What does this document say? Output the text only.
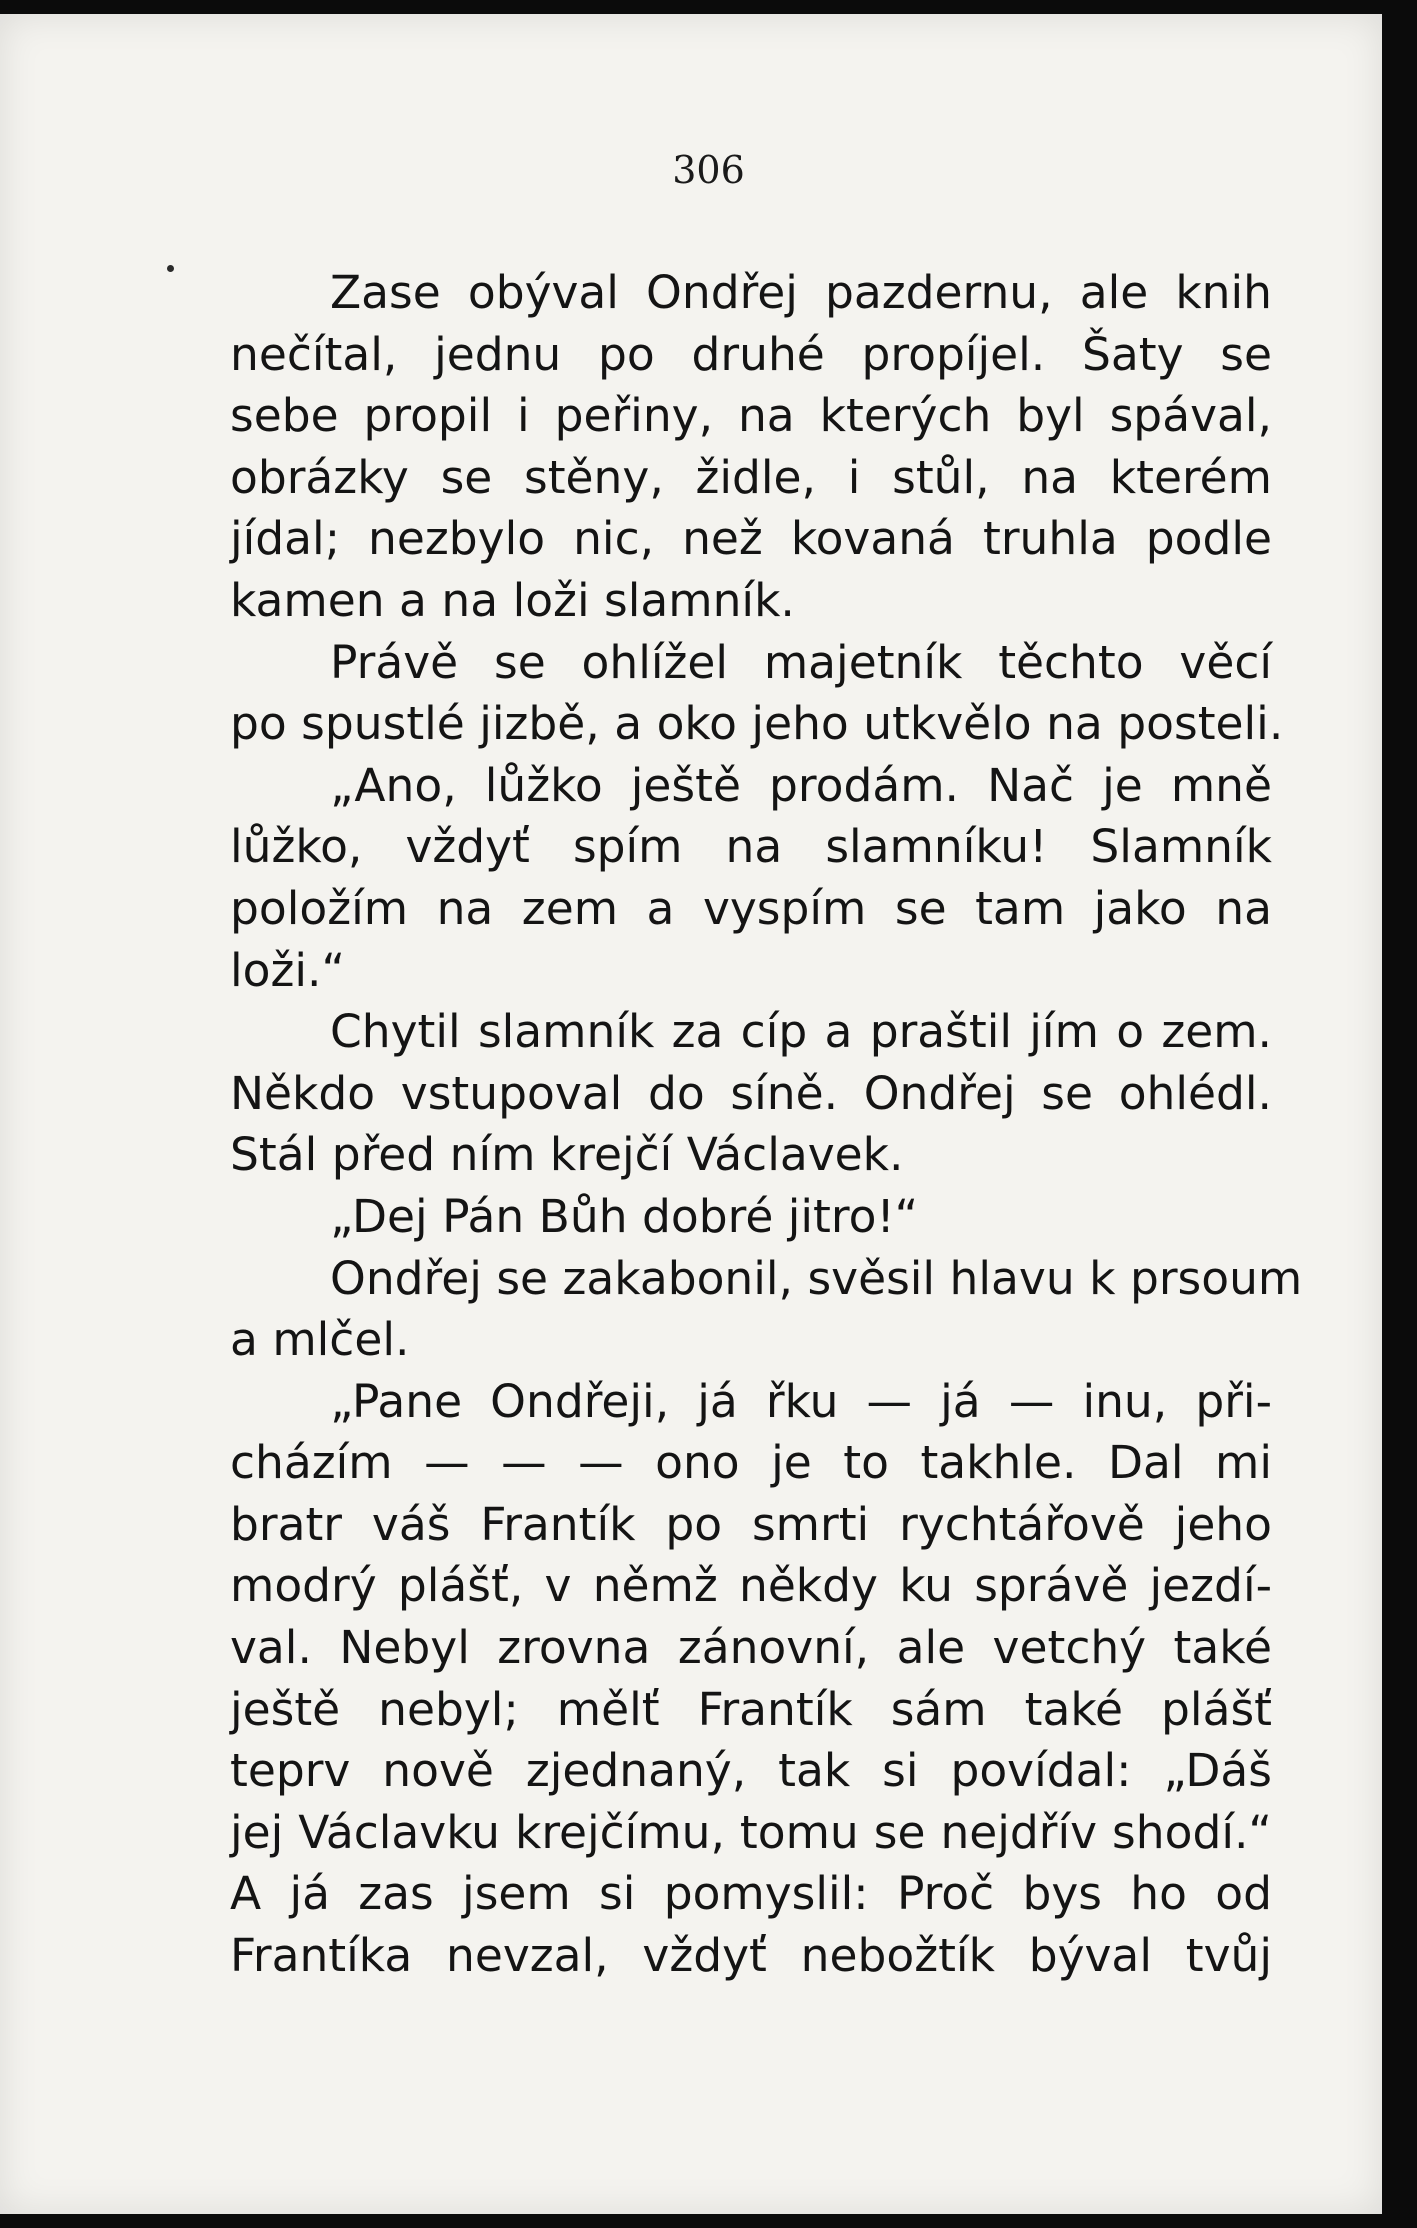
306
Zase obýval Ondřej pazdernu, ale knih
nečítal, jednu po druhé propíjel. Šaty se
sebe propil i peřiny, na kterých byl spával,
obrázky se stěny, židle, i stůl, na kterém
jídal; nezbylo nic, než kovaná truhla podle
kamen a na loži slamník.
Právě se ohlížel majetník těchto věcí
po spustlé jizbě, a oko jeho utkvělo na posteli.
„Ano, lůžko ještě prodám. Nač je mně
lůžko, vždyť spím na slamníku! Slamník
položím na zem a vyspím se tam jako na
loži.“
Chytil slamník za cíp a praštil jím o zem.
Někdo vstupoval do síně. Ondřej se ohlédl.
Stál před ním krejčí Václavek.
„Dej Pán Bůh dobré jitro!“
Ondřej se zakabonil, svěsil hlavu k prsoum
a mlčel.
„Pane Ondřeji, já řku — já — inu, při-
cházím — — — ono je to takhle. Dal mi
bratr váš Frantík po smrti rychtářově jeho
modrý plášť, v němž někdy ku správě jezdí-
val. Nebyl zrovna zánovní, ale vetchý také
ještě nebyl; mělť Frantík sám také plášť
teprv nově zjednaný, tak si povídal: „Dáš
jej Václavku krejčímu, tomu se nejdřív shodí.“
A já zas jsem si pomyslil: Proč bys ho od
Frantíka nevzal, vždyť nebožtík býval tvůj
